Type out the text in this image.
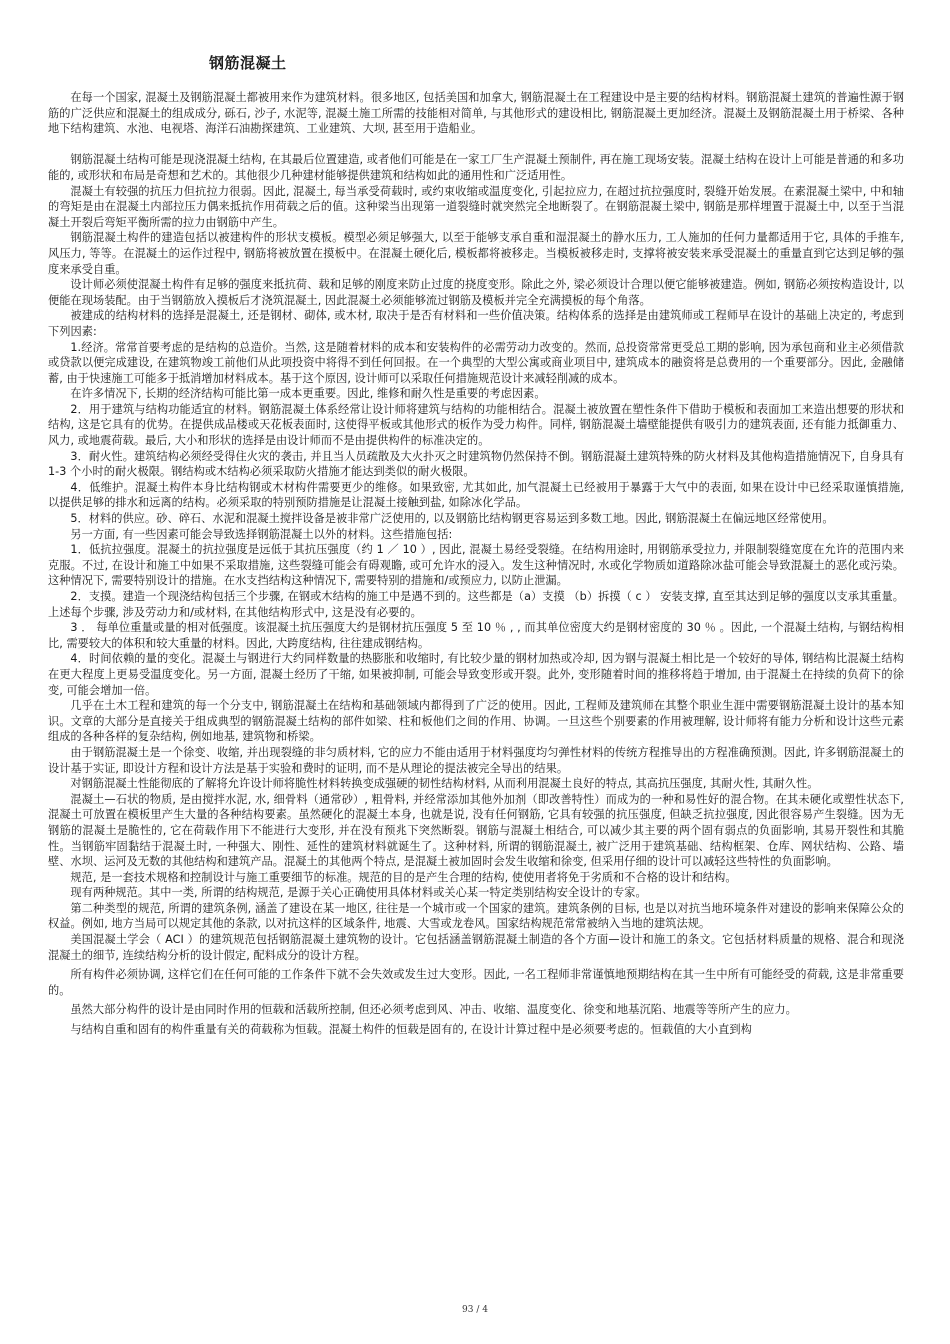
钢筋混凝土

在每一个国家, 混凝土及钢筋混凝土都被用来作为建筑材料。很多地区, 包括美国和加拿大, 钢筋混凝土在工程建设中是主要的结构材料。钢筋混凝土建筑的普遍性源于钢筋的广泛供应和混凝土的组成成分, 砾石, 沙子, 水泥等, 混凝土施工所需的技能相对简单, 与其他形式的建设相比, 钢筋混凝土更加经济。混凝土及钢筋混凝土用于桥梁、各种地下结构建筑、水池、电视塔、海洋石油勘探建筑、工业建筑、大坝, 甚至用于造船业。

钢筋混凝土结构可能是现浇混凝土结构, 在其最后位置建造, 或者他们可能是在一家工厂生产混凝土预制件, 再在施工现场安装。混凝土结构在设计上可能是普通的和多功能的, 或形状和布局是奇想和艺术的。其他很少几种建材能够提供建筑和结构如此的通用性和广泛适用性。

混凝土有较强的抗压力但抗拉力很弱。因此, 混凝土, 每当承受荷载时, 或约束收缩或温度变化, 引起拉应力, 在超过抗拉强度时, 裂缝开始发展。在素混凝土梁中, 中和轴的弯矩是由在混凝土内部拉压力偶来抵抗作用荷载之后的值。这种梁当出现第一道裂缝时就突然完全地断裂了。在钢筋混凝土梁中, 钢筋是那样埋置于混凝土中, 以至于当混凝土开裂后弯矩平衡所需的拉力由钢筋中产生。

钢筋混凝土构件的建造包括以被建构件的形状支模板。模型必须足够强大, 以至于能够支承自重和湿混凝土的静水压力, 工人施加的任何力量都适用于它, 具体的手推车, 风压力, 等等。在混凝土的运作过程中, 钢筋将被放置在摸板中。在混凝土硬化后, 模板都将被移走。当模板被移走时, 支撑将被安装来承受混凝土的重量直到它达到足够的强度来承受自重。

设计师必须使混凝土构件有足够的强度来抵抗荷、载和足够的刚度来防止过度的挠度变形。除此之外, 梁必须设计合理以便它能够被建造。例如, 钢筋必须按构造设计, 以便能在现场装配。由于当钢筋放入摸板后才浇筑混凝土, 因此混凝土必须能够流过钢筋及模板并完全充满摸板的每个角落。

被建成的结构材料的选择是混凝土, 还是钢材、砌体, 或木材, 取决于是否有材料和一些价值决策。结构体系的选择是由建筑师或工程师早在设计的基础上决定的, 考虑到下列因素:

1.经济。常常首要考虑的是结构的总造价。当然, 这是随着材料的成本和安装构件的必需劳动力改变的。然而, 总投资常常更受总工期的影响, 因为承包商和业主必须借款或贷款以便完成建设, 在建筑物竣工前他们从此项投资中将得不到任何回报。在一个典型的大型公寓或商业项目中, 建筑成本的融资将是总费用的一个重要部分。因此, 金融储蓄, 由于快速施工可能多于抵消增加材料成本。基于这个原因, 设计师可以采取任何措施规范设计来减轻削减的成本。

在许多情况下, 长期的经济结构可能比第一成本更重要。因此, 维修和耐久性是重要的考虑因素。

2．用于建筑与结构功能适宜的材料。钢筋混凝土体系经常让设计师将建筑与结构的功能相结合。混凝土被放置在塑性条件下借助于模板和表面加工来造出想要的形状和结构, 这是它具有的优势。在提供成品楼或天花板表面时, 这使得平板或其他形式的板作为受力构件。同样, 钢筋混凝土墙壁能提供有吸引力的建筑表面, 还有能力抵御重力、风力, 或地震荷载。最后, 大小和形状的选择是由设计师而不是由提供构件的标准决定的。

3．耐火性。建筑结构必须经受得住火灾的袭击, 并且当人员疏散及大火扑灭之时建筑物仍然保持不倒。钢筋混凝土建筑特殊的防火材料及其他构造措施情况下, 自身具有 1-3 个小时的耐火极限。钢结构或木结构必须采取防火措施才能达到类似的耐火极限。

4．低维护。混凝土构件本身比结构钢或木材构件需要更少的维修。如果致密, 尤其如此, 加气混凝土已经被用于暴露于大气中的表面, 如果在设计中已经采取谨慎措施, 以提供足够的排水和远离的结构。必须采取的特别预防措施是让混凝土接触到盐, 如除冰化学品。

5．材料的供应。砂、碎石、水泥和混凝土搅拌设备是被非常广泛使用的, 以及钢筋比结构钢更容易运到多数工地。因此, 钢筋混凝土在偏远地区经常使用。

另一方面, 有一些因素可能会导致选择钢筋混凝土以外的材料。这些措施包括:

1．低抗拉强度。混凝土的抗拉强度是远低于其抗压强度（约 1 ／ 10 ）, 因此, 混凝土易经受裂缝。在结构用途时, 用钢筋承受拉力, 并限制裂缝宽度在允许的范围内来克服。不过, 在设计和施工中如果不采取措施, 这些裂缝可能会有碍观瞻, 或可允许水的浸入。发生这种情况时, 水或化学物质如道路除冰盐可能会导致混凝土的恶化或污染。这种情况下, 需要特别设计的措施。在水支挡结构这种情况下, 需要特别的措施和/或预应力, 以防止泄漏。

2．支摸。建造一个现浇结构包括三个步骤, 在钢或木结构的施工中是遇不到的。这些都是（a）支摸 （b）拆摸（ c ） 安装支撑, 直至其达到足够的强度以支承其重量。上述每个步骤, 涉及劳动力和/或材料, 在其他结构形式中, 这是没有必要的。

3 ． 每单位重量或量的相对低强度。该混凝土抗压强度大约是钢材抗压强度 5 至 10 ％ , , 而其单位密度大约是钢材密度的 30 ％ 。因此, 一个混凝土结构, 与钢结构相比, 需要较大的体积和较大重量的材料。因此, 大跨度结构, 往往建成钢结构。

4．时间依赖的量的变化。混凝土与钢进行大约同样数量的热膨胀和收缩时, 有比较少量的钢材加热或冷却, 因为钢与混凝土相比是一个较好的导体, 钢结构比混凝土结构在更大程度上更易受温度变化。另一方面, 混凝土经历了干缩, 如果被抑制, 可能会导致变形或开裂。此外, 变形随着时间的推移将趋于增加, 由于混凝土在持续的负荷下的徐变, 可能会增加一倍。

几乎在土木工程和建筑的每一个分支中, 钢筋混凝土在结构和基础领域内都得到了广泛的使用。因此, 工程师及建筑师在其整个职业生涯中需要钢筋混凝土设计的基本知识。文章的大部分是直接关于组成典型的钢筋混凝土结构的部件如梁、柱和板他们之间的作用、协调。一旦这些个别要素的作用被理解, 设计师将有能力分析和设计这些元素组成的各种各样的复杂结构, 例如地基, 建筑物和桥梁。

由于钢筋混凝土是一个徐变、收缩, 并出现裂缝的非匀质材料, 它的应力不能由适用于材料强度均匀弹性材料的传统方程推导出的方程准确预测。因此, 许多钢筋混凝土的设计基于实证, 即设计方程和设计方法是基于实验和费时的证明, 而不是从理论的提法被完全导出的结果。

对钢筋混凝土性能彻底的了解将允许设计师将脆性材料转换变成强硬的韧性结构材料, 从而利用混凝土良好的特点, 其高抗压强度, 其耐火性, 其耐久性。

混凝土—石状的物质, 是由搅拌水泥, 水, 细骨料（通常砂）, 粗骨料, 并经常添加其他外加剂（即改善特性）而成为的一种和易性好的混合物。在其未硬化或塑性状态下, 混凝土可放置在模板里产生大量的各种结构要素。虽然硬化的混凝土本身, 也就是说, 没有任何钢筋, 它具有较强的抗压强度, 但缺乏抗拉强度, 因此很容易产生裂缝。因为无钢筋的混凝土是脆性的, 它在荷载作用下不能进行大变形, 并在没有预兆下突然断裂。钢筋与混凝土相结合, 可以减少其主要的两个固有弱点的负面影响, 其易开裂性和其脆性。当钢筋牢固黏结于混凝土时, 一种强大、刚性、延性的建筑材料就诞生了。这种材料, 所谓的钢筋混凝土, 被广泛用于建筑基础、结构框架、仓库、网状结构、公路、墙壁、水坝、运河及无数的其他结构和建筑产品。混凝土的其他两个特点, 是混凝土被加固时会发生收缩和徐变, 但采用仔细的设计可以减轻这些特性的负面影响。

规范, 是一套技术规格和控制设计与施工重要细节的标准。规范的目的是产生合理的结构, 使使用者将免于劣质和不合格的设计和结构。

现有两种规范。其中一类, 所谓的结构规范, 是源于关心正确使用具体材料或关心某一特定类别结构安全设计的专家。

第二种类型的规范, 所谓的建筑条例, 涵盖了建设在某一地区, 往往是一个城市或一个国家的建筑。建筑条例的目标, 也是以对抗当地环境条件对建设的影响来保障公众的权益。例如, 地方当局可以规定其他的条款, 以对抗这样的区域条件, 地震、大雪或龙卷风。国家结构规范常常被纳入当地的建筑法规。

美国混凝土学会（ ACI ）的建筑规范包括钢筋混凝土建筑物的设计。它包括涵盖钢筋混凝土制造的各个方面—设计和施工的条文。它包括材料质量的规格、混合和现浇混凝土的细节, 连续结构分析的设计假定, 配料成分的设计方程。

所有构件必须协调, 这样它们在任何可能的工作条件下就不会失效或发生过大变形。因此, 一名工程师非常谨慎地预期结构在其一生中所有可能经受的荷载, 这是非常重要的。

虽然大部分构件的设计是由同时作用的恒载和活载所控制, 但还必须考虑到风、冲击、收缩、温度变化、徐变和地基沉陷、地震等等所产生的应力。

与结构自重和固有的构件重量有关的荷载称为恒载。混凝土构件的恒载是固有的, 在设计计算过程中是必须要考虑的。恒载值的大小直到构

93 / 4
